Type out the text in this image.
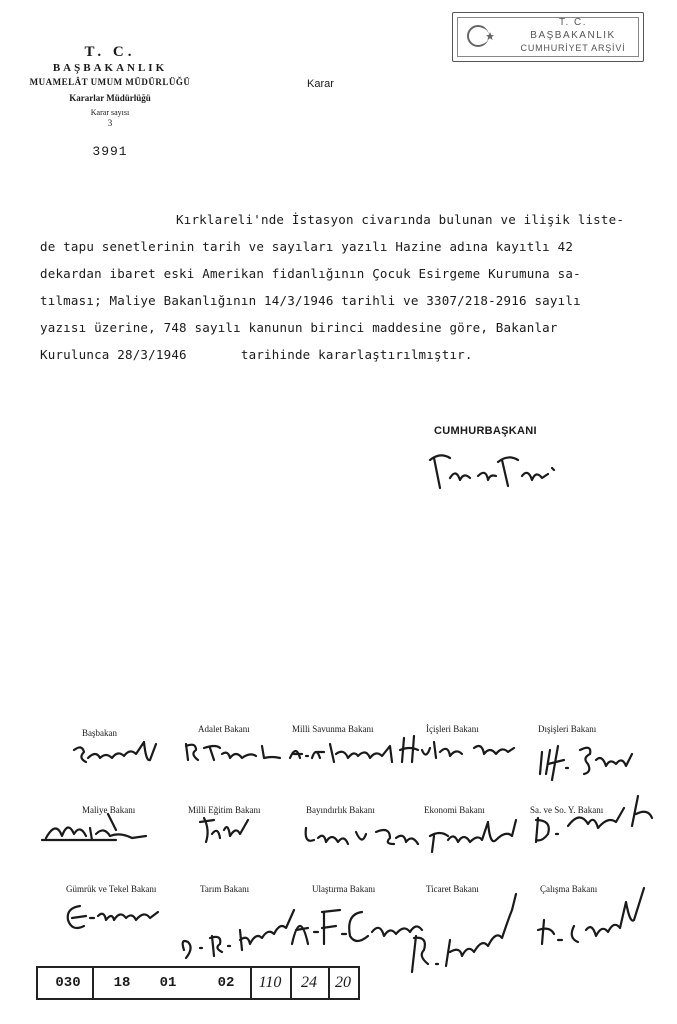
T. C.
BAŞBAKANLIK
CUMHURİYET ARŞİVİ
T. C.
BAŞBAKANLIK
MUAMELÂT UMUM MÜDÜRLÜĞÜ
Kararlar Müdürlüğü
Karar sayısı
3
3991
Karar
Kırklareli'nde İstasyon civarında bulunan ve ilişik liste-
de tapu senetlerinin tarih ve sayıları yazılı Hazine adına kayıtlı 42
dekardan ibaret eski Amerikan fidanlığının Çocuk Esirgeme Kurumuna sa-
tılması; Maliye Bakanlığının 14/3/1946 tarihli ve 3307/218-2916 sayılı
yazısı üzerine, 748 sayılı kanunun birinci maddesine göre, Bakanlar
Kurulunca 28/3/1946       tarihinde kararlaştırılmıştır.
CUMHURBAŞKANI
Başbakan	Adalet Bakanı	Milli Savunma Bakanı	İçişleri Bakanı	Dışişleri Bakanı
Maliye Bakanı	Milli Eğitim Bakanı	Bayındırlık Bakanı	Ekonomi Bakanı	Sa. ve So. Y. Bakanı
Gümrük ve Tekel Bakanı	Tarım Bakanı	Ulaştırma Bakanı	Ticaret Bakanı	Çalışma Bakanı
030	18	01	02	110	24	20
